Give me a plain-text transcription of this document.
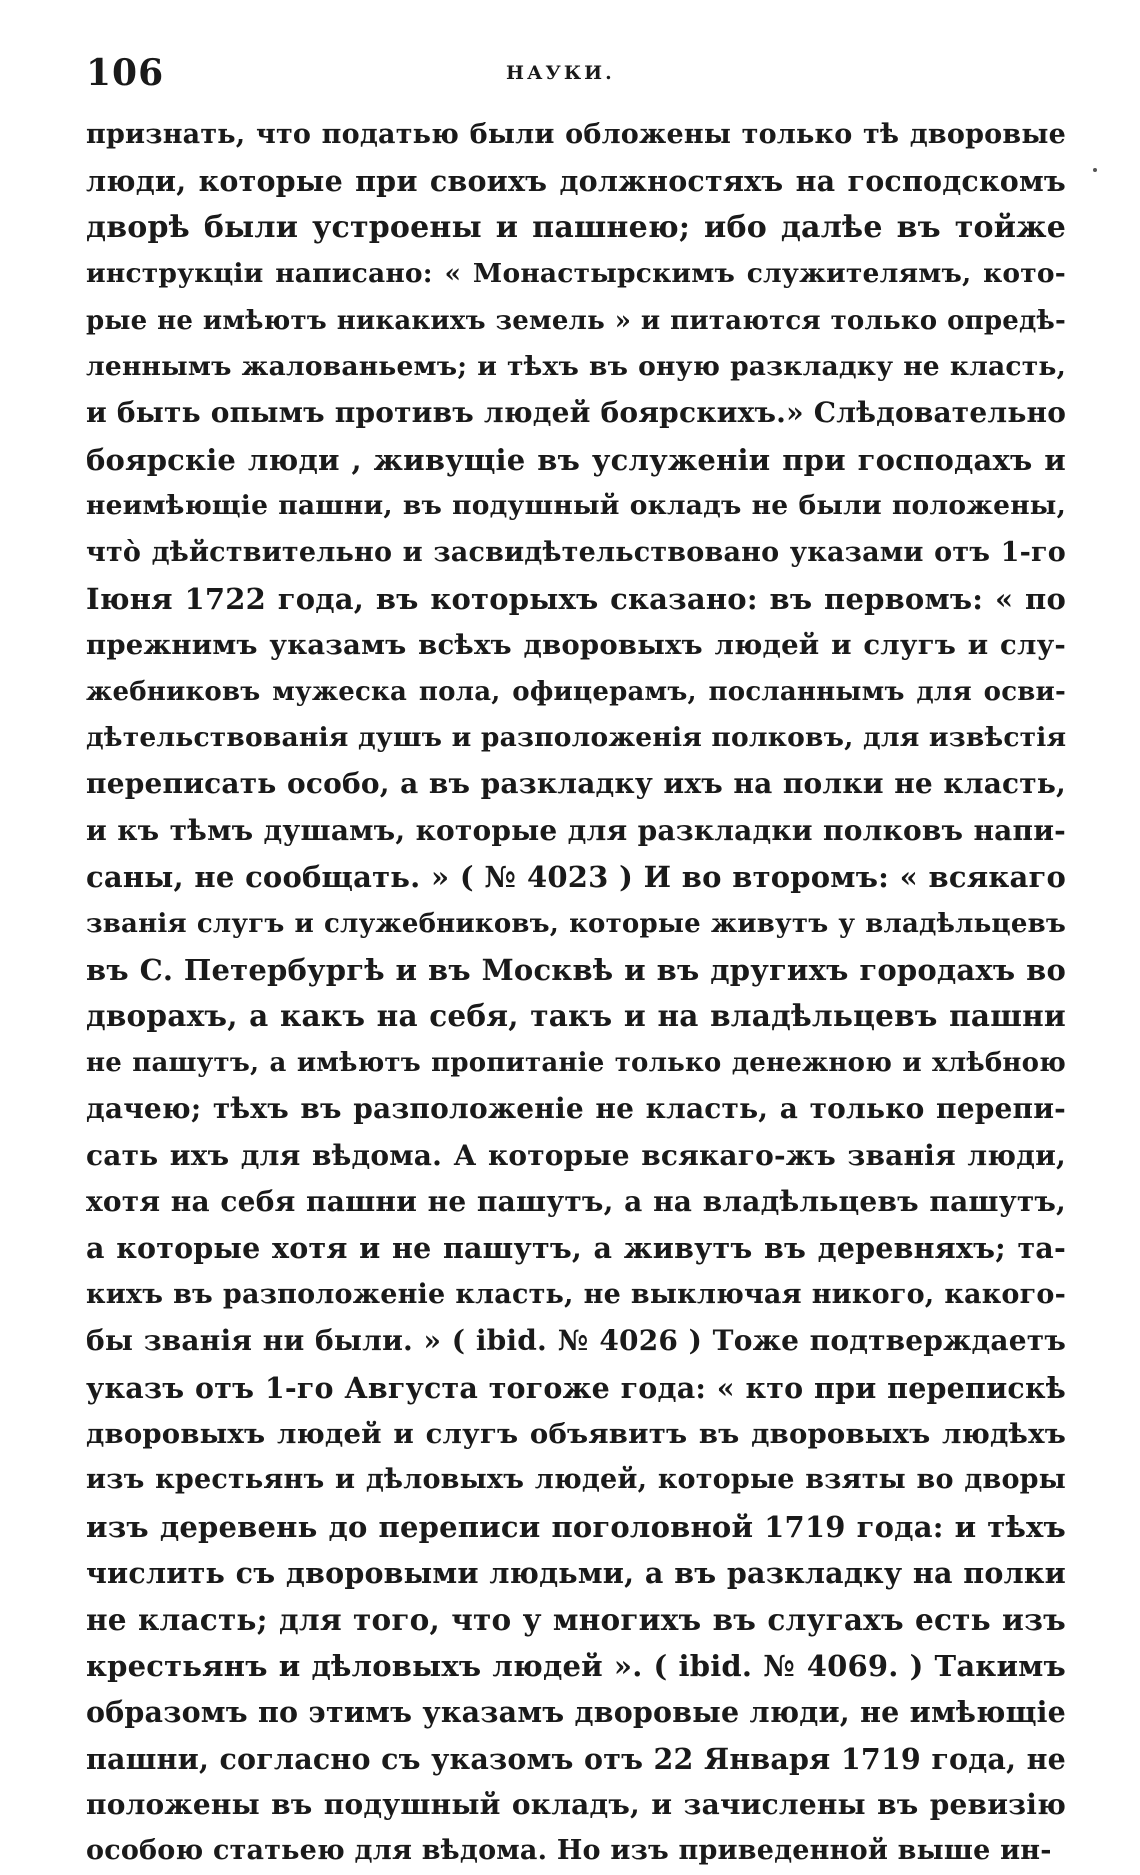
106	НАУКИ.
признать, что податью были обложены только тѣ дворовые
люди, которые при своихъ должностяхъ на господскомъ
дворѣ были устроены и пашнею; ибо далѣе въ тойже
инструкціи написано: « Монастырскимъ служителямъ, кото-
рые не имѣютъ никакихъ земель » и питаются только опредѣ-
леннымъ жалованьемъ; и тѣхъ въ оную разкладку не класть,
и быть опымъ противъ людей боярскихъ.» Слѣдовательно
боярскіе люди , живущіе въ услуженіи при господахъ и
неимѣющіе пашни, въ подушный окладъ не были положены,
что̀ дѣйствительно и засвидѣтельствовано указами отъ 1-го
Іюня 1722 года, въ которыхъ сказано: въ первомъ: « по
прежнимъ указамъ всѣхъ дворовыхъ людей и слугъ и слу-
жебниковъ мужеска пола, офицерамъ, посланнымъ для осви-
дѣтельствованія душъ и разположенія полковъ, для извѣстія
переписать особо, а въ разкладку ихъ на полки не класть,
и къ тѣмъ душамъ, которые для разкладки полковъ напи-
саны, не сообщать. » ( № 4023 ) И во второмъ: « всякаго
званія слугъ и служебниковъ, которые живутъ у владѣльцевъ
въ С. Петербургѣ и въ Москвѣ и въ другихъ городахъ во
дворахъ, а какъ на себя, такъ и на владѣльцевъ пашни
не пашутъ, а имѣютъ пропитаніе только денежною и хлѣбною
дачею; тѣхъ въ разположеніе не класть, а только перепи-
сать ихъ для вѣдома. А которые всякаго-жъ званія люди,
хотя на себя пашни не пашутъ, а на владѣльцевъ пашутъ,
а которые хотя и не пашутъ, а живутъ въ деревняхъ; та-
кихъ въ разположеніе класть, не выключая никого, какого-
бы званія ни были. » ( ibid. № 4026 ) Тоже подтверждаетъ
указъ отъ 1-го Августа тогоже года: « кто при перепискѣ
дворовыхъ людей и слугъ объявитъ въ дворовыхъ людѣхъ
изъ крестьянъ и дѣловыхъ людей, которые взяты во дворы
изъ деревень до переписи поголовной 1719 года: и тѣхъ
числить съ дворовыми людьми, а въ разкладку на полки
не класть; для того, что у многихъ въ слугахъ есть изъ
крестьянъ и дѣловыхъ людей ». ( ibid. № 4069. ) Такимъ
образомъ по этимъ указамъ дворовые люди, не имѣющіе
пашни, согласно съ указомъ отъ 22 Января 1719 года, не
положены въ подушный окладъ, и зачислены въ ревизію
особою статьею для вѣдома. Но изъ приведенной выше ин-
